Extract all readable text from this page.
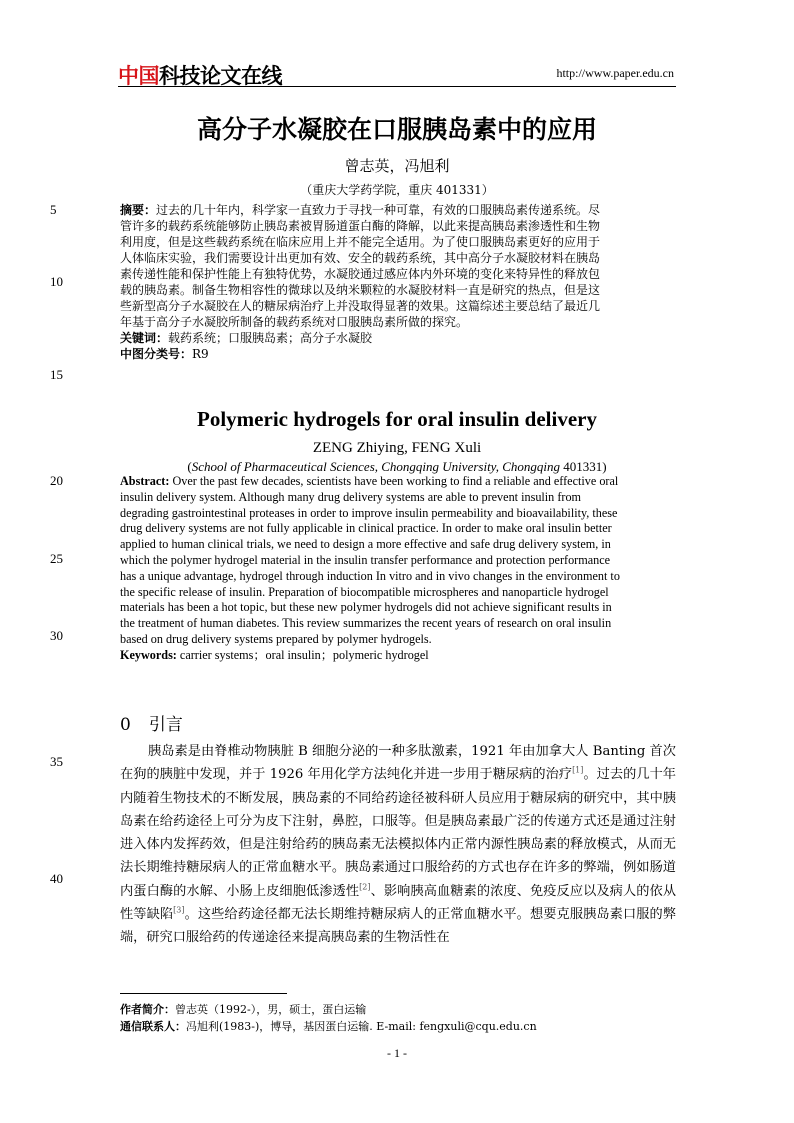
中国科技论文在线	http://www.paper.edu.cn
高分子水凝胶在口服胰岛素中的应用
曾志英，冯旭利
（重庆大学药学院，重庆 401331）
5
10
15
20
25
30
35
40

摘要：过去的几十年内，科学家一直致力于寻找一种可靠，有效的口服胰岛素传递系统。尽

管许多的载药系统能够防止胰岛素被胃肠道蛋白酶的降解，以此来提高胰岛素渗透性和生物

利用度，但是这些载药系统在临床应用上并不能完全适用。为了使口服胰岛素更好的应用于

人体临床实验，我们需要设计出更加有效、安全的载药系统，其中高分子水凝胶材料在胰岛

素传递性能和保护性能上有独特优势，水凝胶通过感应体内外环境的变化来特异性的释放包

载的胰岛素。制备生物相容性的微球以及纳米颗粒的水凝胶材料一直是研究的热点，但是这

些新型高分子水凝胶在人的糖尿病治疗上并没取得显著的效果。这篇综述主要总结了最近几

年基于高分子水凝胶所制备的载药系统对口服胰岛素所做的探究。

关键词：载药系统；口服胰岛素；高分子水凝胶

中图分类号：R9

Polymeric hydrogels for oral insulin delivery
ZENG Zhiying, FENG Xuli
(School of Pharmaceutical Sciences, Chongqing University, Chongqing 401331)

Abstract: Over the past few decades, scientists have been working to find a reliable and effective oral

insulin delivery system. Although many drug delivery systems are able to prevent insulin from

degrading gastrointestinal proteases in order to improve insulin permeability and bioavailability, these

drug delivery systems are not fully applicable in clinical practice. In order to make oral insulin better

applied to human clinical trials, we need to design a more effective and safe drug delivery system, in

which the polymer hydrogel material in the insulin transfer performance and protection performance

has a unique advantage, hydrogel through induction In vitro and in vivo changes in the environment to

the specific release of insulin. Preparation of biocompatible microspheres and nanoparticle hydrogel

materials has been a hot topic, but these new polymer hydrogels did not achieve significant results in

the treatment of human diabetes. This review summarizes the recent years of research on oral insulin

based on drug delivery systems prepared by polymer hydrogels.

Keywords: carrier systems；oral insulin；polymeric hydrogel

0 引言
胰岛素是由脊椎动物胰脏 B 细胞分泌的一种多肽激素，1921 年由加拿大人 Banting 首次在狗的胰脏中发现，并于 1926 年用化学方法纯化并进一步用于糖尿病的治疗[1]。过去的几十年内随着生物技术的不断发展，胰岛素的不同给药途径被科研人员应用于糖尿病的研究中，其中胰岛素在给药途径上可分为皮下注射，鼻腔，口服等。但是胰岛素最广泛的传递方式还是通过注射进入体内发挥药效，但是注射给药的胰岛素无法模拟体内正常内源性胰岛素的释放模式，从而无法长期维持糖尿病人的正常血糖水平。胰岛素通过口服给药的方式也存在许多的弊端，例如肠道内蛋白酶的水解、小肠上皮细胞低渗透性[2]、影响胰高血糖素的浓度、免疫反应以及病人的依从性等缺陷[3]。这些给药途径都无法长期维持糖尿病人的正常血糖水平。想要克服胰岛素口服的弊端，研究口服给药的传递途径来提高胰岛素的生物活性在
作者简介：曾志英（1992-），男，硕士，蛋白运输
通信联系人：冯旭利(1983-)，博导，基因蛋白运输. E-mail: fengxuli@cqu.edu.cn
- 1 -
